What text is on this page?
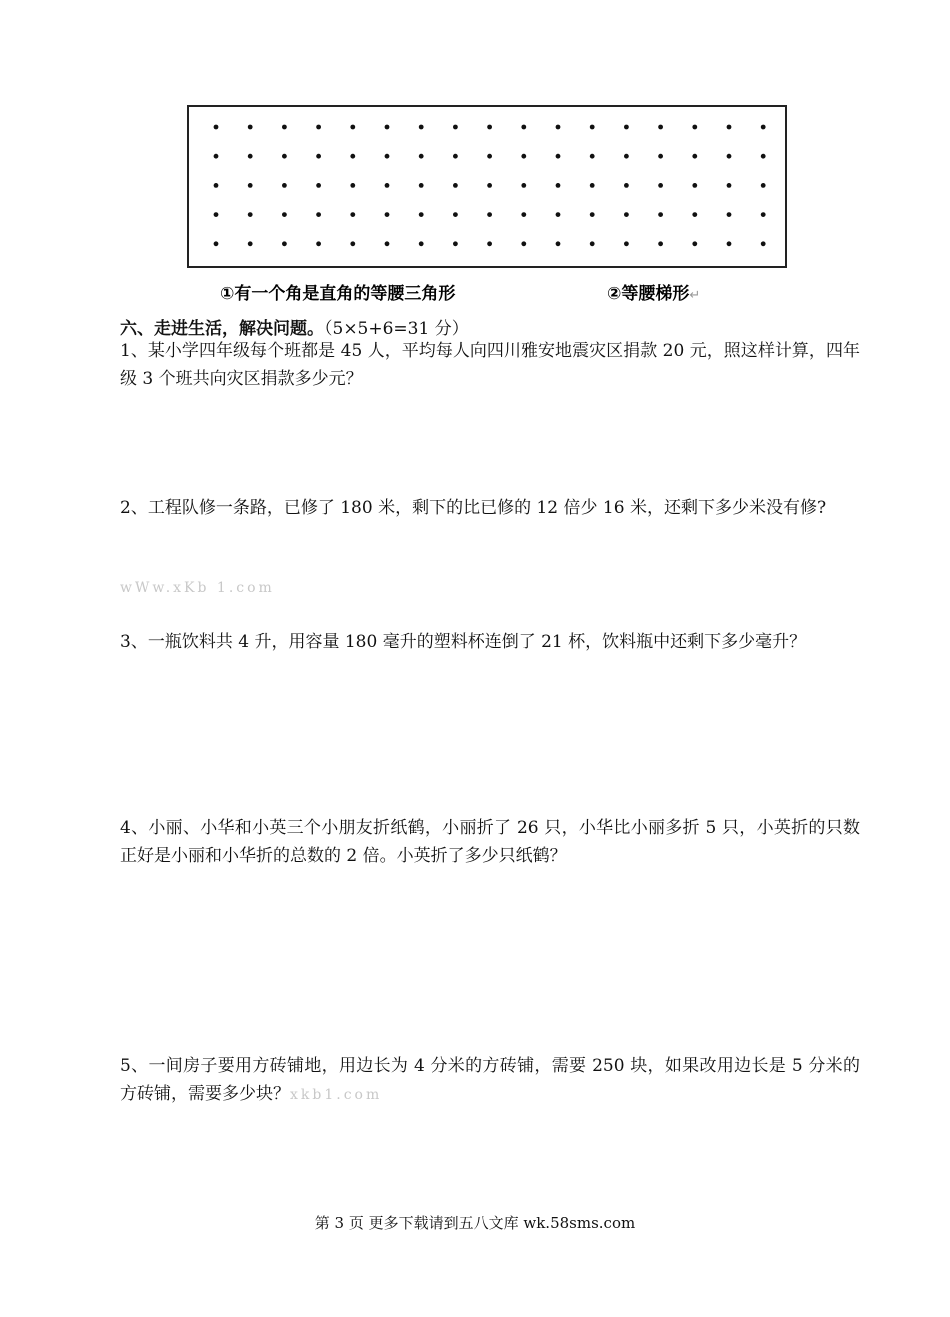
①有一个角是直角的等腰三角形	②等腰梯形↵
六、走进生活，解决问题。（5×5+6=31 分）
1、某小学四年级每个班都是 45 人，平均每人向四川雅安地震灾区捐款 20 元，照这样计算，四年级 3 个班共向灾区捐款多少元？
2、工程队修一条路，已修了 180 米，剩下的比已修的 12 倍少 16 米，还剩下多少米没有修?
wWw.xKb 1.com
3、一瓶饮料共 4 升，用容量 180 毫升的塑料杯连倒了 21 杯，饮料瓶中还剩下多少毫升？
4、小丽、小华和小英三个小朋友折纸鹤，小丽折了 26 只，小华比小丽多折 5 只，小英折的只数正好是小丽和小华折的总数的 2 倍。小英折了多少只纸鹤？
5、一间房子要用方砖铺地，用边长为 4 分米的方砖铺，需要 250 块，如果改用边长是 5 分米的方砖铺，需要多少块？xkb1.com
第 3 页 更多下载请到五八文库 wk.58sms.com
